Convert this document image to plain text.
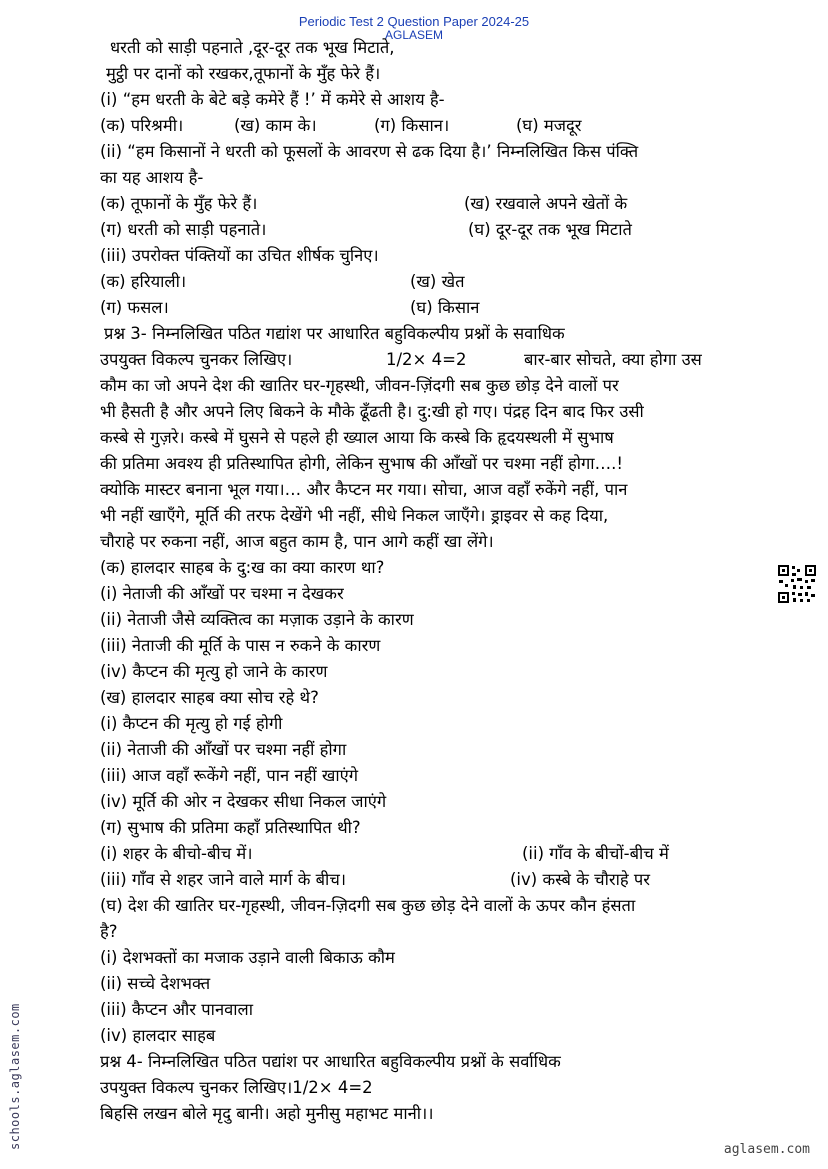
Periodic Test 2 Question Paper 2024-25
AGLASEM
धरती को साड़ी पहनाते ,दूर-दूर तक भूख मिटाते,
मुट्ठी पर दानों को रखकर,तूफानों के मुँह फेरे हैं।
(i) “हम धरती के बेटे बड़े कमेरे हैं !’ में कमेरे से आशय है-
(क) परिश्रमी।	(ख) काम के।	(ग) किसान।	(घ) मजदूर
(ii) “हम किसानों ने धरती को फूसलों के आवरण से ढक दिया है।’ निम्नलिखित किस पंक्ति
का यह आशय है-
(क) तूफानों के मुँह फेरे हैं।	(ख) रखवाले अपने खेतों के
(ग) धरती को साड़ी पहनाते।	(घ) दूर-दूर तक भूख मिटाते
(iii) उपरोक्त पंक्तियों का उचित शीर्षक चुनिए।
(क) हरियाली।	(ख) खेत
(ग) फसल।	(घ) किसान
प्रश्न 3- निम्नलिखित पठित गद्यांश पर आधारित बहुविकल्पीय प्रश्नों के सवाधिक
उपयुक्त विकल्प चुनकर लिखिए।	1/2× 4=2	बार-बार सोचते, क्या होगा उस
कौम का जो अपने देश की खातिर घर-गृहस्थी, जीवन-ज़िंदगी सब कुछ छोड़ देने वालों पर
भी हैसती है और अपने लिए बिकने के मौके ढूँढती है। दु:खी हो गए। पंद्रह दिन बाद फिर उसी
कस्बे से गुज़रे। कस्बे में घुसने से पहले ही ख्याल आया कि कस्बे कि हृदयस्थली में सुभाष
की प्रतिमा अवश्य ही प्रतिस्थापित होगी, लेकिन सुभाष की आँखों पर चश्मा नहीं होगा….!
क्योकि मास्टर बनाना भूल गया।… और कैप्टन मर गया। सोचा, आज वहाँ रुकेंगे नहीं, पान
भी नहीं खाएँगे, मूर्ति की तरफ देखेंगे भी नहीं, सीधे निकल जाएँगे। ड्राइवर से कह दिया,
चौराहे पर रुकना नहीं, आज बहुत काम है, पान आगे कहीं खा लेंगे।
(क) हालदार साहब के दु:ख का क्या कारण था?
(i) नेताजी की आँखों पर चश्मा न देखकर
(ii) नेताजी जैसे व्यक्तित्व का मज़ाक उड़ाने के कारण
(iii) नेताजी की मूर्ति के पास न रुकने के कारण
(iv) कैप्टन की मृत्यु हो जाने के कारण
(ख) हालदार साहब क्या सोच रहे थे?
(i) कैप्टन की मृत्यु हो गई होगी
(ii) नेताजी की आँखों पर चश्मा नहीं होगा
(iii) आज वहाँ रूकेंगे नहीं, पान नहीं खाएंगे
(iv) मूर्ति की ओर न देखकर सीधा निकल जाएंगे
(ग) सुभाष की प्रतिमा कहाँ प्रतिस्थापित थी?
(i) शहर के बीचो-बीच में।	(ii) गाँव के बीचों-बीच में
(iii) गाँव से शहर जाने वाले मार्ग के बीच।	(iv) कस्बे के चौराहे पर
(घ) देश की खातिर घर-गृहस्थी, जीवन-ज़िदगी सब कुछ छोड़ देने वालों के ऊपर कौन हंसता
है?
(i) देशभक्तों का मजाक उड़ाने वाली बिकाऊ कौम
(ii) सच्चे देशभक्त
(iii) कैप्टन और पानवाला
(iv) हालदार साहब
प्रश्न 4- निम्नलिखित पठित पद्यांश पर आधारित बहुविकल्पीय प्रश्नों के सर्वाधिक
उपयुक्त विकल्प चुनकर लिखिए।1/2× 4=2
बिहसि लखन बोले मृदु बानी। अहो मुनीसु महाभट मानी।।
schools.aglasem.com	aglasem.com
